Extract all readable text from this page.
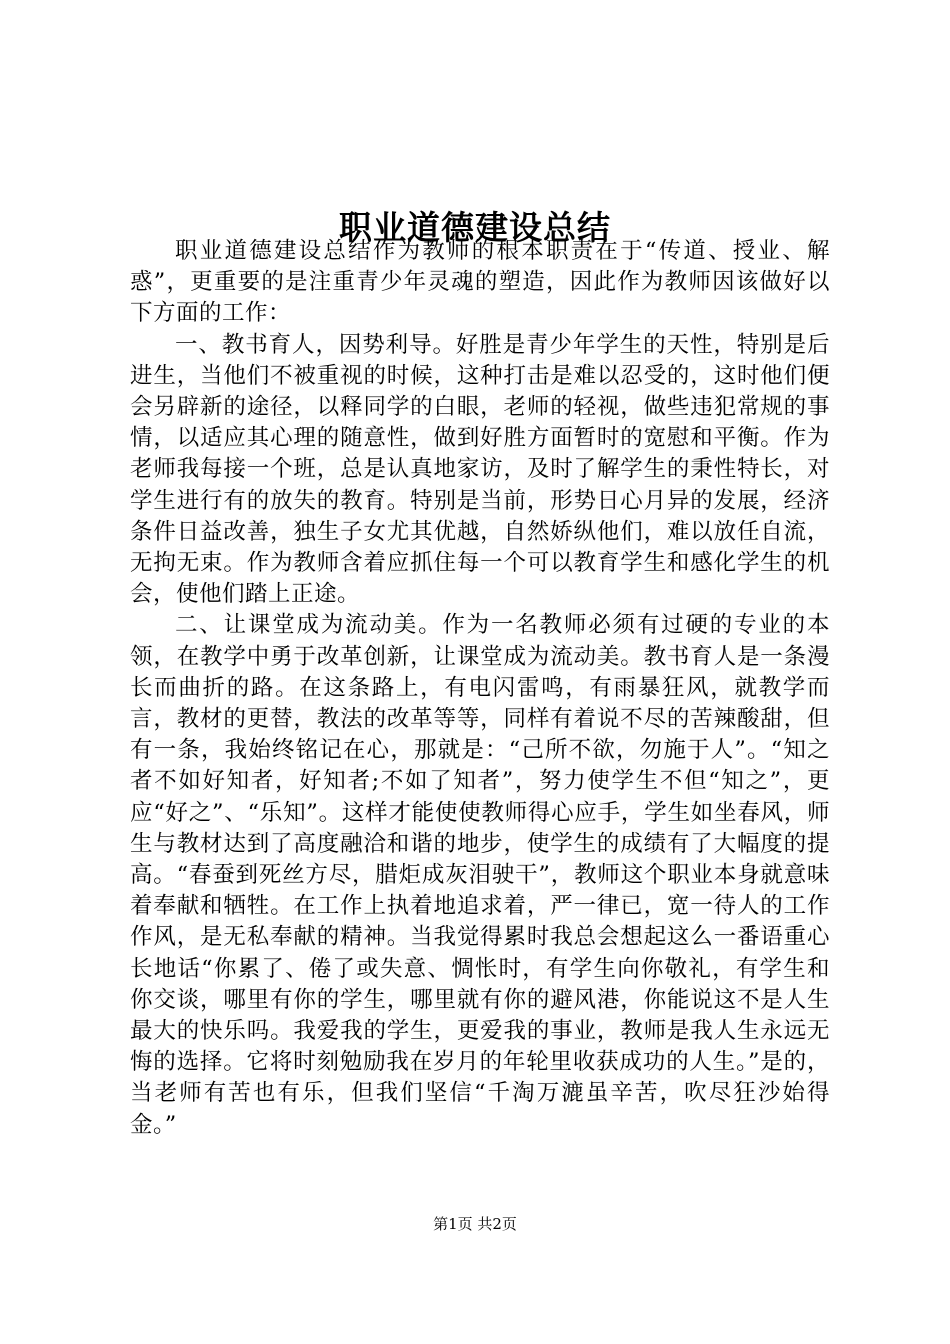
职业道德建设总结

职业道德建设总结作为教师的根本职责在于“传道、授业、解惑”，更重要的是注重青少年灵魂的塑造，因此作为教师因该做好以下方面的工作：

一、教书育人，因势利导。好胜是青少年学生的天性，特别是后进生，当他们不被重视的时候，这种打击是难以忍受的，这时他们便会另辟新的途径，以释同学的白眼，老师的轻视，做些违犯常规的事情，以适应其心理的随意性，做到好胜方面暂时的宽慰和平衡。作为老师我每接一个班，总是认真地家访，及时了解学生的秉性特长，对学生进行有的放失的教育。特别是当前，形势日心月异的发展，经济条件日益改善，独生子女尤其优越，自然娇纵他们，难以放任自流，无拘无束。作为教师含着应抓住每一个可以教育学生和感化学生的机会，使他们踏上正途。

二、让课堂成为流动美。作为一名教师必须有过硬的专业的本领，在教学中勇于改革创新，让课堂成为流动美。教书育人是一条漫长而曲折的路。在这条路上，有电闪雷鸣，有雨暴狂风，就教学而言，教材的更替，教法的改革等等，同样有着说不尽的苦辣酸甜，但有一条，我始终铭记在心，那就是：“己所不欲，勿施于人”。“知之者不如好知者，好知者;不如了知者”，努力使学生不但“知之”，更应“好之”、“乐知”。这样才能使使教师得心应手，学生如坐春风，师生与教材达到了高度融洽和谐的地步，使学生的成绩有了大幅度的提高。“春蚕到死丝方尽，腊炬成灰泪驶干”，教师这个职业本身就意味着奉献和牺牲。在工作上执着地追求着，严一律已，宽一待人的工作作风，是无私奉献的精神。当我觉得累时我总会想起这么一番语重心长地话“你累了、倦了或失意、惆怅时，有学生向你敬礼，有学生和你交谈，哪里有你的学生，哪里就有你的避风港，你能说这不是人生最大的快乐吗。我爱我的学生，更爱我的事业，教师是我人生永远无悔的选择。它将时刻勉励我在岁月的年轮里收获成功的人生。”是的，当老师有苦也有乐，但我们坚信“千淘万漉虽辛苦，吹尽狂沙始得金。”

第1页 共2页
